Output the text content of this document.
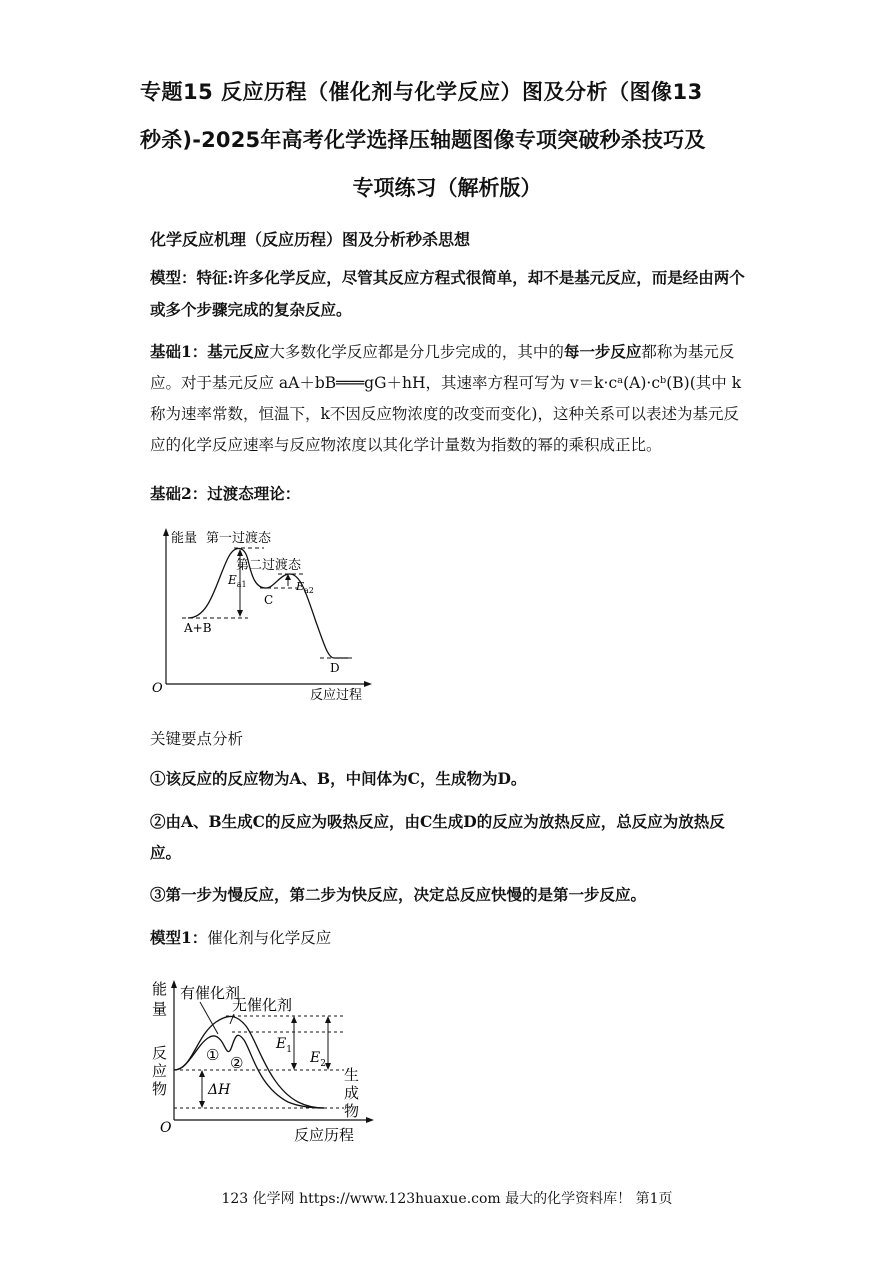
专题15 反应历程（催化剂与化学反应）图及分析（图像13
秒杀)-2025年高考化学选择压轴题图像专项突破秒杀技巧及
专项练习（解析版）
化学反应机理（反应历程）图及分析秒杀思想
模型：特征:许多化学反应，尽管其反应方程式很简单，却不是基元反应，而是经由两个或多个步骤完成的复杂反应。
基础1：基元反应大多数化学反应都是分几步完成的，其中的每一步反应都称为基元反应。对于基元反应 aA＋bB═══gG＋hH，其速率方程可写为 v＝k·cᵃ(A)·cᵇ(B)(其中 k称为速率常数，恒温下，k不因反应物浓度的改变而变化)，这种关系可以表述为基元反应的化学反应速率与反应物浓度以其化学计量数为指数的幂的乘积成正比。
基础2：过渡态理论：
能量 第一过渡态
第二过渡态
$E_{a1}$	$E_{a2}$
A+B
C
D
O	反应过程
关键要点分析
①该反应的反应物为A、B，中间体为C，生成物为D。
②由A、B生成C的反应为吸热反应，由C生成D的反应为放热反应，总反应为放热反应。
③第一步为慢反应，第二步为快反应，决定总反应快慢的是第一步反应。
模型1：催化剂与化学反应
能
量
有催化剂
无催化剂
① ②
$E_1$ $E_2$
ΔH
反
应
物
生
成
物
O	反应历程
123 化学网 https://www.123huaxue.com 最大的化学资料库！ 第1页
